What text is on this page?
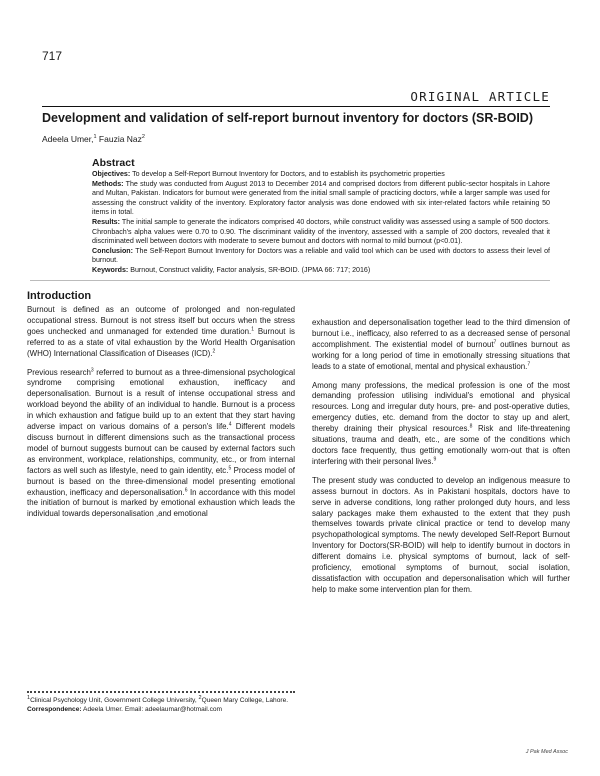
717
ORIGINAL ARTICLE
Development and validation of self-report burnout inventory for doctors (SR-BOID)
Adeela Umer,$^1$ Fauzia Naz$^2$
Abstract
Objectives: To develop a Self-Report Burnout Inventory for Doctors, and to establish its psychometric properties
Methods: The study was conducted from August 2013 to December 2014 and comprised doctors from different public-sector hospitals in Lahore and Multan, Pakistan. Indicators for burnout were generated from the initial small sample of practicing doctors, while a larger sample was used for assessing the construct validity of the inventory. Exploratory factor analysis was done endowed with six inter-related factors while retaining 50 items in total.
Results: The initial sample to generate the indicators comprised 40 doctors, while construct validity was assessed using a sample of 500 doctors. Chronbach's alpha values were 0.70 to 0.90. The discriminant validity of the inventory, assessed with a sample of 200 doctors, revealed that it discriminated well between doctors with moderate to severe burnout and doctors with normal to mild burnout (p<0.01).
Conclusion: The Self-Report Burnout Inventory for Doctors was a reliable and valid tool which can be used with doctors to assess their level of burnout.
Keywords: Burnout, Construct validity, Factor analysis, SR-BOID. (JPMA 66: 717; 2016)
Introduction

Burnout is defined as an outcome of prolonged and non-regulated occupational stress. Burnout is not stress itself but occurs when the stress goes unchecked and unmanaged for extended time duration.$^1$ Burnout is referred to as a state of vital exhaustion by the World Health Organisation (WHO) International Classification of Diseases (ICD).$^2$

Previous research$^3$ referred to burnout as a three-dimensional psychological syndrome comprising emotional exhaustion, inefficacy and depersonalisation. Burnout is a result of intense occupational stress and workload beyond the ability of an individual to handle. Burnout is a process in which exhaustion and fatigue build up to an extent that they start having adverse impact on various domains of a person's life.$^4$ Different models discuss burnout in different dimensions such as the transactional process model of burnout suggests burnout can be caused by external factors such as environment, workplace, relationships, community, etc., or from internal factors as well such as lifestyle, need to gain identity, etc.$^5$ Process model of burnout is based on the three-dimensional model presenting emotional exhaustion, inefficacy and depersonalisation.$^6$ In accordance with this model the initiation of burnout is marked by emotional exhaustion which leads the individual towards depersonalisation ,and emotional

exhaustion and depersonalisation together lead to the third dimension of burnout i.e., inefficacy, also referred to as a decreased sense of personal accomplishment. The existential model of burnout$^7$ outlines burnout as working for a long period of time in emotionally stressing situations that leads to a state of emotional, mental and physical exhaustion.$^7$

Among many professions, the medical profession is one of the most demanding profession utilising individual's emotional and physical resources. Long and irregular duty hours, pre- and post-operative duties, emergency duties, etc. demand from the doctor to stay up and alert, thereby draining their physical resources.$^8$ Risk and life-threatening situations, trauma and death, etc., are some of the conditions which doctors face frequently, thus getting emotionally worn-out that is often interfering with their personal lives.$^9$

The present study was conducted to develop an indigenous measure to assess burnout in doctors. As in Pakistani hospitals, doctors have to serve in adverse conditions, long rather prolonged duty hours, and less salary packages make them exhausted to the extent that they push themselves towards private clinical practice or tend to develop many psychopathological symptoms. The newly developed Self-Report Burnout Inventory for Doctors(SR-BOID) will help to identify burnout in doctors in different domains i.e. physical symptoms of burnout, lack of self-proficiency, emotional symptoms of burnout, social isolation, dissatisfaction with occupation and depersonalisation which will further help to make some intervention plan for them.

$^1$Clinical Psychology Unit, Government College University, $^2$Queen Mary College, Lahore.
Correspondence: Adeela Umer. Email: adeelaumar@hotmail.com
J Pak Med Assoc
